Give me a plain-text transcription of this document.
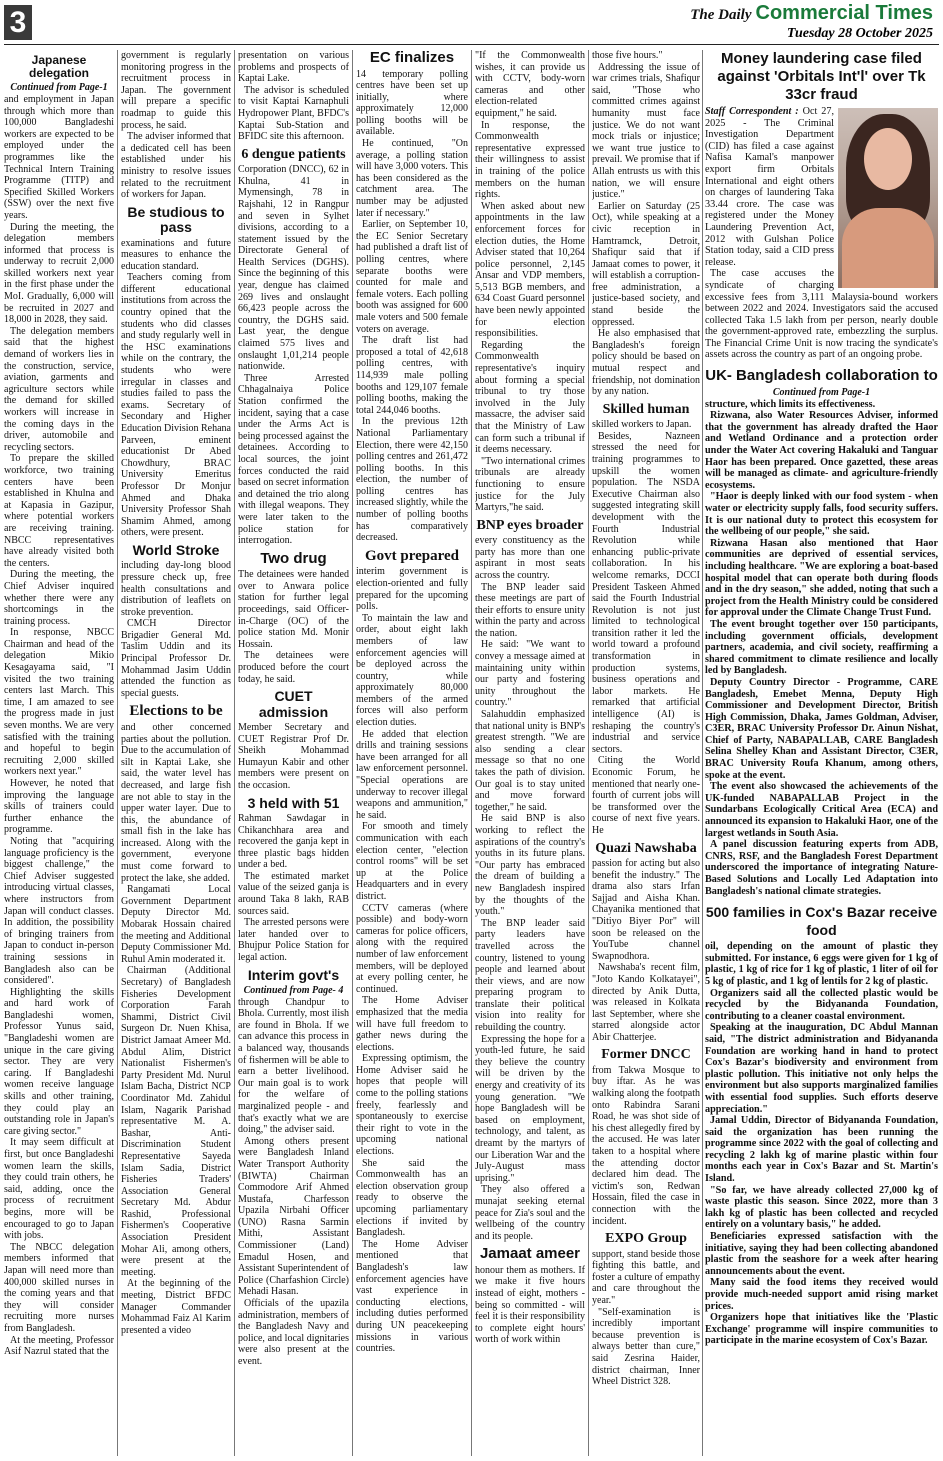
3	The Daily Commercial Times
Tuesday 28 October 2025
Japanese delegation
Continued from Page-1

and employment in Japan through which more than 100,000 Bangladeshi workers are expected to be employed under the programmes like the Technical Intern Training Programme (TITP) and Specified Skilled Workers (SSW) over the next five years.

During the meeting, the delegation members informed that process is underway to recruit 2,000 skilled workers next year in the first phase under the MoI. Gradually, 6,000 will be recruited in 2027 and 18,000 in 2028, they said.

The delegation members said that the highest demand of workers lies in the construction, service, aviation, garments and agriculture sectors while the demand for skilled workers will increase in the coming days in the driver, automobile and recycling sectors.

To prepare the skilled workforce, two training centers have been established in Khulna and at Kapasia in Gazipur, where potential workers are receiving training. NBCC representatives have already visited both the centers.

During the meeting, the Chief Adviser inquired whether there were any shortcomings in the training process.

In response, NBCC Chairman and head of the delegation Mikio Kesagayama said, "I visited the two training centers last March. This time, I am amazed to see the progress made in just seven months. We are very satisfied with the training and hopeful to begin recruiting 2,000 skilled workers next year."

However, he noted that improving the language skills of trainers could further enhance the programme.

Noting that "acquiring language proficiency is the biggest challenge," the Chief Adviser suggested introducing virtual classes, where instructors from Japan will conduct classes. In addition, the possibility of bringing trainers from Japan to conduct in-person training sessions in Bangladesh also can be considered".

Highlighting the skills and hard work of Bangladeshi women, Professor Yunus said, "Bangladeshi women are unique in the care giving sector. They are very caring. If Bangladeshi women receive language skills and other training, they could play an outstanding role in Japan's care giving sector."

It may seem difficult at first, but once Bangladeshi women learn the skills, they could train others, he said, adding, once the process of recruitment begins, more will be encouraged to go to Japan with jobs.

The NBCC delegation members informed that Japan will need more than 400,000 skilled nurses in the coming years and that they will consider recruiting more nurses from Bangladesh.

At the meeting, Professor Asif Nazrul stated that the

government is regularly monitoring progress in the recruitment process in Japan. The government will prepare a specific roadmap to guide this process, he said.

The adviser informed that a dedicated cell has been established under his ministry to resolve issues related to the recruitment of workers for Japan.

Be studious to pass

examinations and future measures to enhance the education standard.

Teachers coming from different educational institutions from across the country opined that the students who did classes and study regularly well in the HSC examinations while on the contrary, the students who were irregular in classes and studies failed to pass the exams. Secretary of Secondary and Higher Education Division Rehana Parveen, eminent educationist Dr Abed Chowdhury, BRAC University Emeritus Professor Dr Monjur Ahmed and Dhaka University Professor Shah Shamim Ahmed, among others, were present.

World Stroke

including day-long blood pressure check up, free health consultations and distribution of leaflets on stroke prevention.

CMCH Director Brigadier General Md. Taslim Uddin and its Principal Professor Dr. Mohammad Jasim Uddin attended the function as special guests.

Elections to be

and other concerned parties about the pollution. Due to the accumulation of silt in Kaptai Lake, she said, the water level has decreased, and large fish are not able to stay in the upper water layer. Due to this, the abundance of small fish in the lake has increased. Along with the government, everyone must come forward to protect the lake, she added.

Rangamati Local Government Department Deputy Director Md. Mobarak Hossain chaired the meeting and Additional Deputy Commissioner Md. Ruhul Amin moderated it.

Chairman (Additional Secretary) of Bangladesh Fisheries Development Corporation Farah Shammi, District Civil Surgeon Dr. Nuen Khisa, District Jamaat Ameer Md. Abdul Alim, District Nationalist Fishermen's Party President Md. Nurul Islam Bacha, District NCP Coordinator Md. Zahidul Islam, Nagarik Parishad representative M. A. Bashar, Anti-Discrimination Student Representative Sayeda Islam Sadia, District Fisheries Traders' Association General Secretary Md. Abdur Rashid, Professional Fishermen's Cooperative Association President Mohar Ali, among others, were present at the meeting.

At the beginning of the meeting, District BFDC Manager Commander Mohammad Faiz Al Karim presented a video

presentation on various problems and prospects of Kaptai Lake.

The advisor is scheduled to visit Kaptai Karnaphuli Hydropower Plant, BFDC's Kaptai Sub-Station and BFIDC site this afternoon.

6 dengue patients

Corporation (DNCC), 62 in Khulna, 41 in Mymensingh, 78 in Rajshahi, 12 in Rangpur and seven in Sylhet divisions, according to a statement issued by the Directorate General of Health Services (DGHS). Since the beginning of this year, dengue has claimed 269 lives and onslaught 66,423 people across the country, the DGHS said. Last year, the dengue claimed 575 lives and onslaught 1,01,214 people nationwide.

Three Arrested Chhagalnaiya Police Station confirmed the incident, saying that a case under the Arms Act is being processed against the detainees. According to local sources, the joint forces conducted the raid based on secret information and detained the trio along with illegal weapons. They were later taken to the police station for interrogation.

Two drug

The detainees were handed over to Anwara police station for further legal proceedings, said Officer-in-Charge (OC) of the police station Md. Monir Hossain.

The detainees were produced before the court today, he said.

CUET admission

Member Secretary and CUET Registrar Prof Dr. Sheikh Mohammad Humayun Kabir and other members were present on the occasion.

3 held with 51

Rahman Sawdagar in Chikanchhara area and recovered the ganja kept in three plastic bags hidden under a bed.

The estimated market value of the seized ganja is around Taka 8 lakh, RAB sources said.

The arrested persons were later handed over to Bhujpur Police Station for legal action.

Interim govt's
Continued from Page- 4

through Chandpur to Bhola. Currently, most ilish are found in Bhola. If we can advance this process in a balanced way, thousands of fishermen will be able to earn a better livelihood. Our main goal is to work for the welfare of marginalized people - and that's exactly what we are doing," the adviser said.

Among others present were Bangladesh Inland Water Transport Authority (BIWTA) Chairman Commodore Arif Ahmed Mustafa, Charfesson Upazila Nirbahi Officer (UNO) Rasna Sarmin Mithi, Assistant Commissioner (Land) Emadul Hosen, and Assistant Superintendent of Police (Charfashion Circle) Mehadi Hasan.

Officials of the upazila administration, members of the Bangladesh Navy and police, and local dignitaries were also present at the event.

EC finalizes

14 temporary polling centres have been set up initially, where approximately 12,000 polling booths will be available.

He continued, "On average, a polling station will have 3,000 voters. This has been considered as the catchment area. The number may be adjusted later if necessary."

Earlier, on September 10, the EC Senior Secretary had published a draft list of polling centres, where separate booths were counted for male and female voters. Each polling booth was assigned for 600 male voters and 500 female voters on average.

The draft list had proposed a total of 42,618 polling centres, with 114,939 male polling booths and 129,107 female polling booths, making the total 244,046 booths.

In the previous 12th National Parliamentary Election, there were 42,150 polling centres and 261,472 polling booths. In this election, the number of polling centres has increased slightly, while the number of polling booths has comparatively decreased.

Govt prepared

interim government is election-oriented and fully prepared for the upcoming polls.

To maintain the law and order, about eight lakh members of law enforcement agencies will be deployed across the country, while approximately 80,000 members of the armed forces will also perform election duties.

He added that election drills and training sessions have been arranged for all law enforcement personnel. "Special operations are underway to recover illegal weapons and ammunition," he said.

For smooth and timely communication with each election center, "election control rooms" will be set up at the Police Headquarters and in every district.

CCTV cameras (where possible) and body-worn cameras for police officers, along with the required number of law enforcement members, will be deployed at every polling center, he continued.

The Home Adviser emphasized that the media will have full freedom to gather news during the elections.

Expressing optimism, the Home Adviser said he hopes that people will come to the polling stations freely, fearlessly and spontaneously to exercise their right to vote in the upcoming national elections.

She said the Commonwealth has an election observation group ready to observe the upcoming parliamentary elections if invited by Bangladesh.

The Home Adviser mentioned that Bangladesh's law enforcement agencies have vast experience in conducting elections, including duties performed during UN peacekeeping missions in various countries.

"If the Commonwealth wishes, it can provide us with CCTV, body-worn cameras and other election-related equipment," he said.

In response, the Commonwealth representative expressed their willingness to assist in training of the police members on the human rights.

When asked about new appointments in the law enforcement forces for election duties, the Home Adviser stated that 10,264 police personnel, 2,145 Ansar and VDP members, 5,513 BGB members, and 634 Coast Guard personnel have been newly appointed for election responsibilities.

Regarding the Commonwealth representative's inquiry about forming a special tribunal to try those involved in the July massacre, the adviser said that the Ministry of Law can form such a tribunal if it deems necessary.

"Two international crimes tribunals are already functioning to ensure justice for the July Martyrs,"he said.

BNP eyes broader

every constituency as the party has more than one aspirant in most seats across the country.

The BNP leader said these meetings are part of their efforts to ensure unity within the party and across the nation.

He said: "We want to convey a message aimed at maintaining unity within our party and fostering unity throughout the country."

Salahuddin emphasized that national unity is BNP's greatest strength. "We are also sending a clear message so that no one takes the path of division. Our goal is to stay united and move forward together," he said.

He said BNP is also working to reflect the aspirations of the country's youths in its future plans. "Our party has embraced the dream of building a new Bangladesh inspired by the thoughts of the youth."

The BNP leader said party leaders have travelled across the country, listened to young people and learned about their views, and are now preparing program to translate their political vision into reality for rebuilding the country.

Expressing the hope for a youth-led future, he said they believe the country will be driven by the energy and creativity of its young generation. "We hope Bangladesh will be based on employment, technology, and talent, as dreamt by the martyrs of our Liberation War and the July-August mass uprising."

They also offered a munajat seeking eternal peace for Zia's soul and the wellbeing of the country and its people.

Jamaat ameer

honour them as mothers. If we make it five hours instead of eight, mothers - being so committed - will feel it is their responsibility to complete eight hours' worth of work within

those five hours."

Addressing the issue of war crimes trials, Shafiqur said, "Those who committed crimes against humanity must face justice. We do not want mock trials or injustice; we want true justice to prevail. We promise that if Allah entrusts us with this nation, we will ensure justice."

Earlier on Saturday (25 Oct), while speaking at a civic reception in Hamtramck, Detroit, Shafiqur said that if Jamaat comes to power, it will establish a corruption-free administration, a justice-based society, and stand beside the oppressed.

He also emphasised that Bangladesh's foreign policy should be based on mutual respect and friendship, not domination by any nation.

Skilled human

skilled workers to Japan.

Besides, Nazneen stressed the need for training programmes to upskill the women population. The NSDA Executive Chairman also suggested integrating skill development with the Fourth Industrial Revolution while enhancing public-private collaboration. In his welcome remarks, DCCI President Taskeen Ahmed said the Fourth Industrial Revolution is not just limited to technological transition rather it led the world toward a profound transformation in production systems, business operations and labor markets. He remarked that artificial intelligence (AI) is reshaping the country's industrial and service sectors.

Citing the World Economic Forum, he mentioned that nearly one-fourth of current jobs will be transformed over the course of next five years. He

Quazi Nawshaba

passion for acting but also benefit the industry." The drama also stars Irfan Sajjad and Aisha Khan. Chayanika mentioned that "Ditiyo Biyer Por" will soon be released on the YouTube channel Swapnodhora.

Nawshaba's recent film, "Joto Kando Kolkatayei", directed by Anik Dutta, was released in Kolkata last September, where she starred alongside actor Abir Chatterjee.

Former DNCC

from Takwa Mosque to buy iftar. As he was walking along the footpath onto Rabindra Sarani Road, he was shot side of his chest allegedly fired by the accused. He was later taken to a hospital where the attending doctor declared him dead. The victim's son, Redwan Hossain, filed the case in connection with the incident.

EXPO Group

support, stand beside those fighting this battle, and foster a culture of empathy and care throughout the year."

"Self-examination is incredibly important because prevention is always better than cure," said Zesrina Haider, district chairman, Inner Wheel District 328.

Money laundering case filed against 'Orbitals Int'l' over Tk 33cr fraud

Staff Correspondent : Oct 27, 2025 - The Criminal Investigation Department (CID) has filed a case against Nafisa Kamal's manpower export firm Orbitals International and eight others on charges of laundering Taka 33.44 crore. The case was registered under the Money Laundering Prevention Act, 2012 with Gulshan Police Station today, said a CID press release.

The case accuses the syndicate of charging excessive fees from 3,111 Malaysia-bound workers between 2022 and 2024. Investigators said the accused collected Taka 1.5 lakh from per person, nearly double the government-approved rate, embezzling the surplus. The Financial Crime Unit is now tracing the syndicate's assets across the country as part of an ongoing probe.

UK- Bangladesh collaboration to
Continued from Page-1

structure, which limits its effectiveness.

Rizwana, also Water Resources Adviser, informed that the government has already drafted the Haor and Wetland Ordinance and a protection order under the Water Act covering Hakaluki and Tanguar Haor has been prepared. Once gazetted, these areas will be managed as climate- and agriculture-friendly ecosystems.

"Haor is deeply linked with our food system - when water or electricity supply falls, food security suffers. It is our national duty to protect this ecosystem for the wellbeing of our people," she said.

Rizwana Hasan also mentioned that Haor communities are deprived of essential services, including healthcare. "We are exploring a boat-based hospital model that can operate both during floods and in the dry season," she added, noting that such a project from the Health Ministry could be considered for approval under the Climate Change Trust Fund.

The event brought together over 150 participants, including government officials, development partners, academia, and civil society, reaffirming a shared commitment to climate resilience and locally led by Bangladesh.

Deputy Country Director - Programme, CARE Bangladesh, Emebet Menna, Deputy High Commissioner and Development Director, British High Commission, Dhaka, James Goldman, Adviser, C3ER, BRAC University Professor Dr. Ainun Nishat, Chief of Party, NABAPALLAB, CARE Bangladesh Selina Shelley Khan and Assistant Director, C3ER, BRAC University Roufa Khanum, among others, spoke at the event.

The event also showcased the achievements of the UK-funded NABAPALLAB Project in the Sundarbans Ecologically Critical Area (ECA) and announced its expansion to Hakaluki Haor, one of the largest wetlands in South Asia.

A panel discussion featuring experts from ADB, CNRS, RSF, and the Bangladesh Forest Department underscored the importance of integrating Nature-Based Solutions and Locally Led Adaptation into Bangladesh's national climate strategies.

500 families in Cox's Bazar receive food

oil, depending on the amount of plastic they submitted. For instance, 6 eggs were given for 1 kg of plastic, 1 kg of rice for 1 kg of plastic, 1 liter of oil for 5 kg of plastic, and 1 kg of lentils for 2 kg of plastic.

Organizers said all the collected plastic would be recycled by the Bidyananda Foundation, contributing to a cleaner coastal environment.

Speaking at the inauguration, DC Abdul Mannan said, "The district administration and Bidyananda Foundation are working hand in hand to protect Cox's Bazar's biodiversity and environment from plastic pollution. This initiative not only helps the environment but also supports marginalized families with essential food supplies. Such efforts deserve appreciation."

Jamal Uddin, Director of Bidyananda Foundation, said the organization has been running the programme since 2022 with the goal of collecting and recycling 2 lakh kg of marine plastic within four months each year in Cox's Bazar and St. Martin's Island.

"So far, we have already collected 27,000 kg of waste plastic this season. Since 2022, more than 3 lakh kg of plastic has been collected and recycled entirely on a voluntary basis," he added.

Beneficiaries expressed satisfaction with the initiative, saying they had been collecting abandoned plastic from the seashore for a week after hearing announcements about the event.

Many said the food items they received would provide much-needed support amid rising market prices.

Organizers hope that initiatives like the 'Plastic Exchange' programme will inspire communities to participate in the marine ecosystem of Cox's Bazar.
